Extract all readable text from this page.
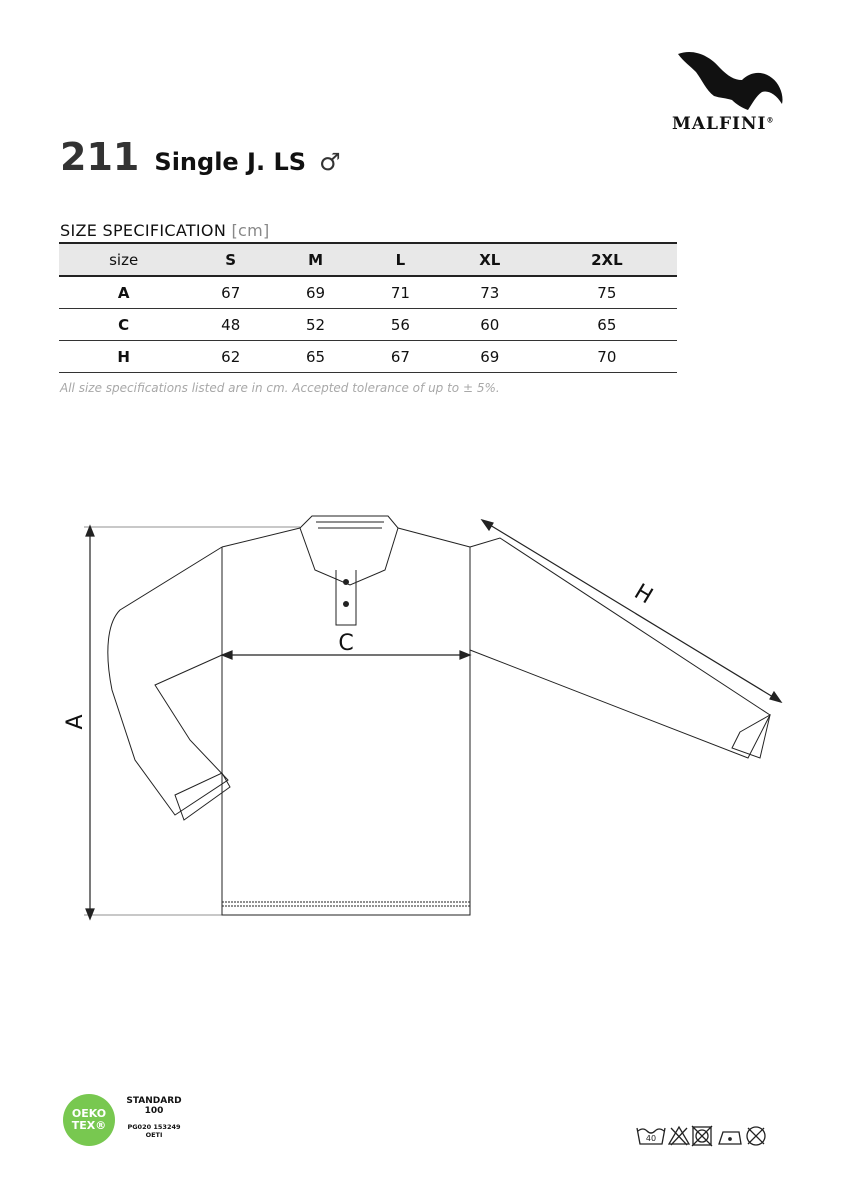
MALFINI®
211 Single J. LS ♂
SIZE SPECIFICATION [cm]
size	S	M	L	XL	2XL
A	67	69	71	73	75
C	48	52	56	60	65
H	62	65	67	69	70
All size specifications listed are in cm. Accepted tolerance of up to ± 5%.
A
C
H
OEKO
TEX®
STANDARD
100
PG020 153249
OETI	40
